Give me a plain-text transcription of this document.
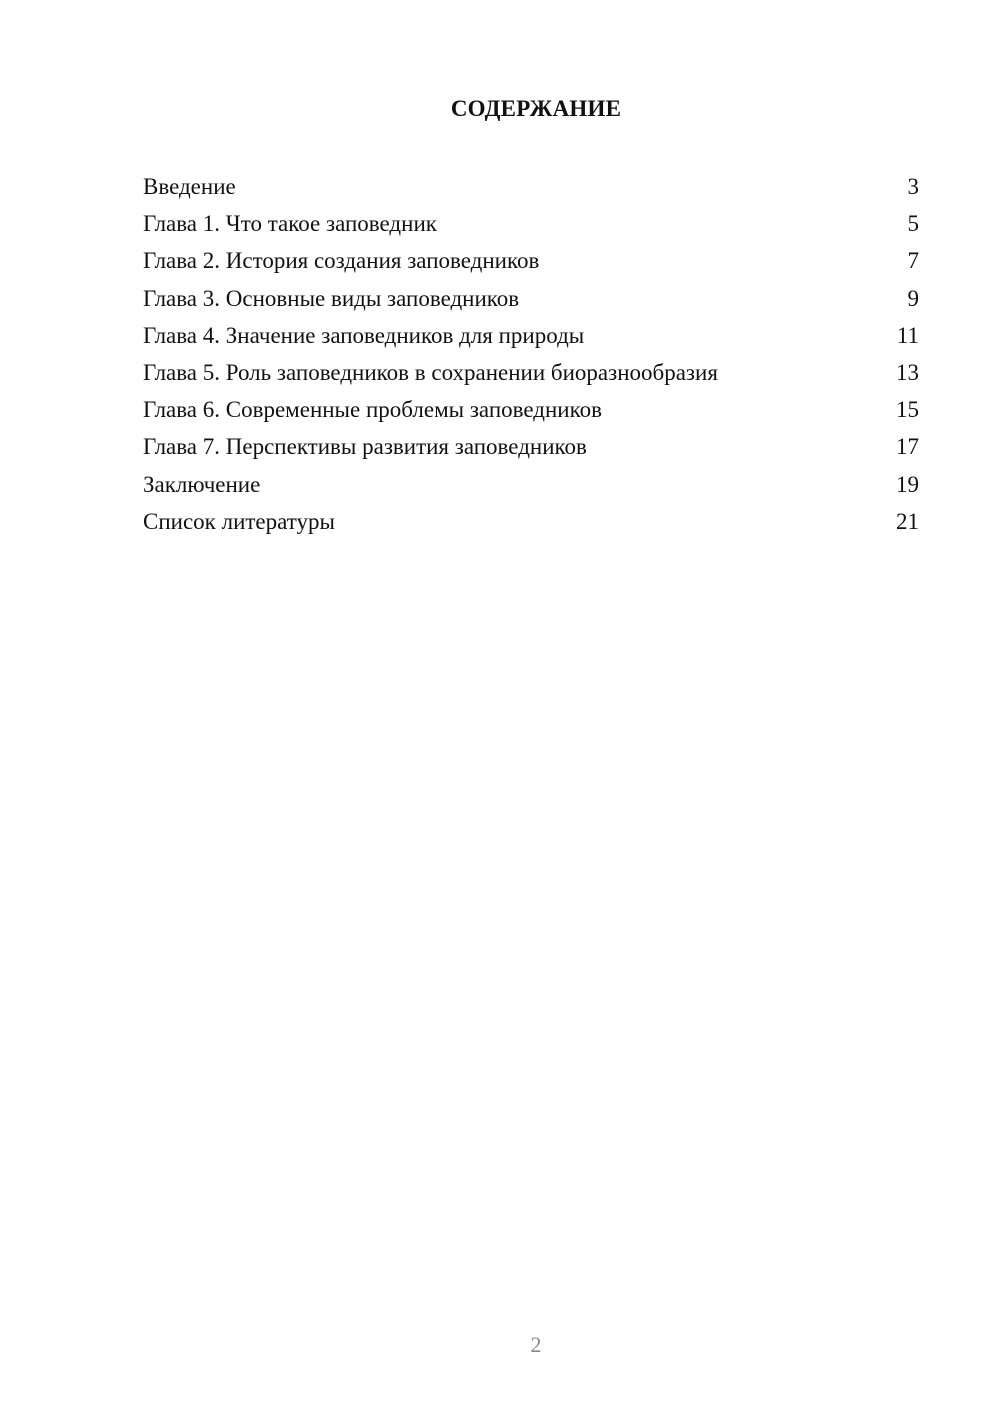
СОДЕРЖАНИЕ
Введение	3
Глава 1. Что такое заповедник	5
Глава 2. История создания заповедников	7
Глава 3. Основные виды заповедников	9
Глава 4. Значение заповедников для природы	11
Глава 5. Роль заповедников в сохранении биоразнообразия	13
Глава 6. Современные проблемы заповедников	15
Глава 7. Перспективы развития заповедников	17
Заключение	19
Список литературы	21
2
